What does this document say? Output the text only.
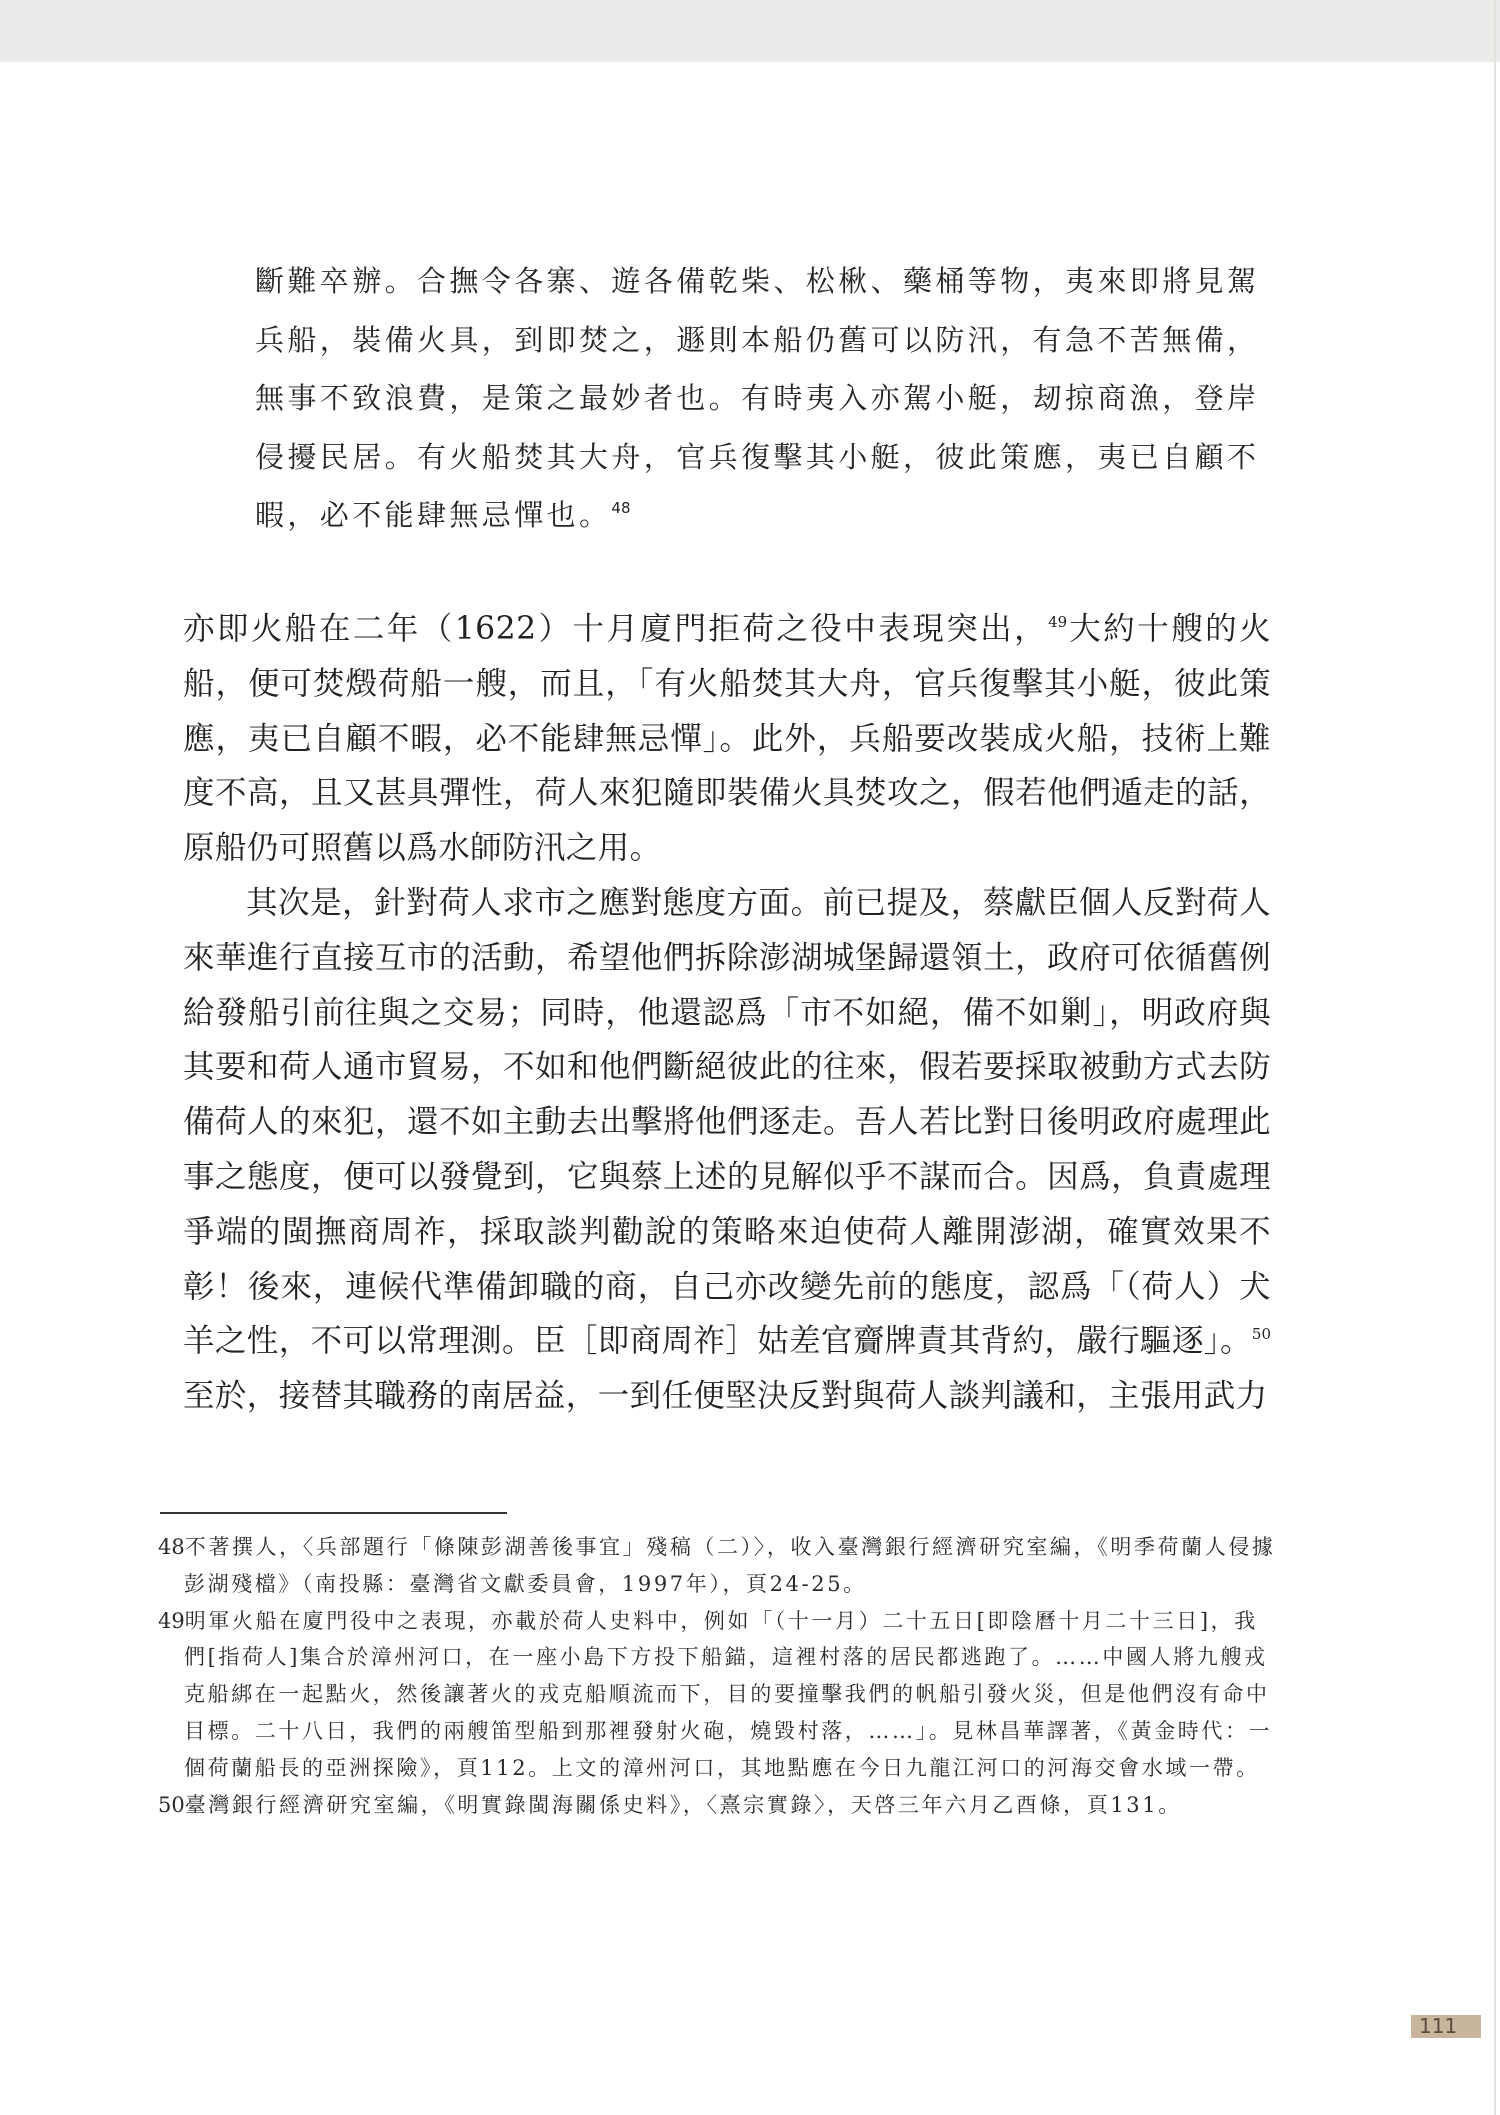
斷難卒辦。合撫令各寨、遊各備乾柴、松楸、藥桶等物，夷來即將見駕

兵船，裝備火具，到即焚之，遯則本船仍舊可以防汛，有急不苦無備，

無事不致浪費，是策之最妙者也。有時夷入亦駕小艇，刼掠商漁，登岸

侵擾民居。有火船焚其大舟，官兵復擊其小艇，彼此策應，夷已自顧不

暇，必不能肆無忌憚也。$^{48}$

亦即火船在二年（1622）十月廈門拒荷之役中表現突出，$^{49}$大約十艘的火船，便可焚燬荷船一艘，而且，「有火船焚其大舟，官兵復擊其小艇，彼此策應，夷已自顧不暇，必不能肆無忌憚」。此外，兵船要改裝成火船，技術上難度不高，且又甚具彈性，荷人來犯隨即裝備火具焚攻之，假若他們遁走的話，原船仍可照舊以爲水師防汛之用。

其次是，針對荷人求市之應對態度方面。前已提及，蔡獻臣個人反對荷人來華進行直接互市的活動，希望他們拆除澎湖城堡歸還領土，政府可依循舊例給發船引前往與之交易；同時，他還認爲「市不如絕，備不如剿」，明政府與其要和荷人通市貿易，不如和他們斷絕彼此的往來，假若要採取被動方式去防備荷人的來犯，還不如主動去出擊將他們逐走。吾人若比對日後明政府處理此事之態度，便可以發覺到，它與蔡上述的見解似乎不謀而合。因爲，負責處理爭端的閩撫商周祚，採取談判勸說的策略來迫使荷人離開澎湖，確實效果不彰！後來，連候代準備卸職的商，自己亦改變先前的態度，認爲「（荷人）犬羊之性，不可以常理測。臣［即商周祚］姑差官齎牌責其背約，嚴行驅逐」。$^{50}$至於，接替其職務的南居益，一到任便堅決反對與荷人談判議和，主張用武力

48不著撰人，〈兵部題行「條陳彭湖善後事宜」殘稿（二）〉，收入臺灣銀行經濟研究室編，《明季荷蘭人侵據彭湖殘檔》（南投縣：臺灣省文獻委員會，1997年），頁24-25。

49明軍火船在廈門役中之表現，亦載於荷人史料中，例如「（十一月）二十五日[即陰曆十月二十三日]，我們[指荷人]集合於漳州河口，在一座小島下方投下船錨，這裡村落的居民都逃跑了。……中國人將九艘戎克船綁在一起點火，然後讓著火的戎克船順流而下，目的要撞擊我們的帆船引發火災，但是他們沒有命中目標。二十八日，我們的兩艘笛型船到那裡發射火砲，燒毀村落，……」。見林昌華譯著，《黃金時代：一個荷蘭船長的亞洲探險》，頁112。上文的漳州河口，其地點應在今日九龍江河口的河海交會水域一帶。

50臺灣銀行經濟研究室編，《明實錄閩海關係史料》，〈熹宗實錄〉，天啓三年六月乙酉條，頁131。

111
